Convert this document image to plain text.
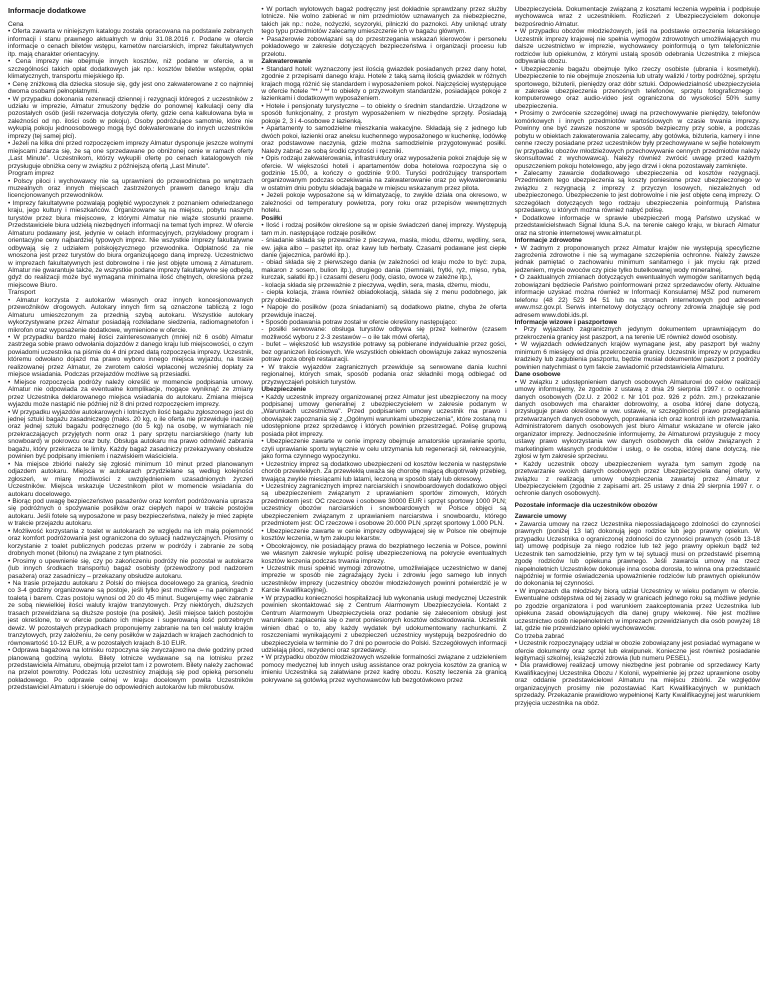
Informacje dodatkowe

Cena

• Oferta zawarta w niniejszym katalogu została opracowana na podstawie zebranych informacji i stanu prawnego aktualnych w dniu 31.08.2016 r. Podane w ofercie informacje o cenach biletów wstępu, karnetów narciarskich, imprez fakultatywnych itp. mają charakter orientacyjny.

• Cena imprezy nie obejmuje innych kosztów, niż podane w ofercie, a w szczególności takich opłat dodatkowych jak np.: kosztów biletów wstępów, opłat klimatycznych, transportu miejskiego itp.

• Cenę zniżkową dla dziecka stosuje się, gdy jest ono zakwaterowane z co najmniej dwoma osobami pełnopłatnymi.

• W przypadku dokonania rezerwacji dziennej i rezygnacji któregoś z uczestników z udziału w imprezie, Almatur zmuszony będzie do ponownej kalkulacji ceny dla pozostałych osób (jeśli rezerwacja dotyczyła oferty, gdzie cena kalkulowana była w zależności od np. ilości osób w pokoju). Osoby podróżujące samotnie, które nie wykupią pokoju jednoosobowego mogą być dokwaterowane do innych uczestników imprezy (tej samej płci).

• Jeżeli na kilka dni przed rozpoczęciem imprezy Almatur dysponuje jeszcze wolnymi miejscami zdarza się, że są one sprzedawane po obniżonej cenie w ramach oferty „Last Minute". Uczestnikom, którzy wykupili ofertę po cenach katalogowych nie przysługuje obniżka ceny w związku z późniejszą ofertą „Last Minute".

Program imprez

• Polscy piloci i wychowawcy nie są uprawnieni do przewodnictwa po wnętrzach muzealnych oraz innych miejscach zastrzeżonych prawem danego kraju dla licencjonowanych przewodników.

• Imprezy fakultatywne pozwalają pogłębić wypoczynek z poznaniem odwiedzanego kraju, jego kultury i mieszkańców. Organizowane są na miejscu, pobytu naszych turystów przez biura miejscowe, z którymi Almatur nie wiąże stosunki prawne. Przedstawiciele biura udzielą niezbędnych informacji na temat tych imprez. W ofercie Almaturu podawany jest, jedynie w celach informacyjnych, przykładowy program i orientacyjne ceny najbardziej typowych imprez. Nie wszystkie imprezy fakultatywne odbywają się z udziałem polskojęzycznego przewodnika. Odpłatność za nie wnoszona jest przez turystów do biura organizującego daną imprezę. Uczestnictwo w imprezach fakultatywnych jest dobrowolne i nie jest objęte umową z Almaturem. Almatur nie gwarantuje także, że wszystkie podane imprezy fakultatywne się odbędą, gdyż do realizacji może być wymagana minimalna ilość chętnych, określona przez miejscowe Biuro.

Transport

• Almatur korzysta z autokarów własnych oraz innych koncesjonowanych przewoźników drogowych. Autokary innych firm są oznaczone tabliczą z logo Almaturu umieszczonym za przednią szybą autokaru. Wszystkie autokary wykorzystywane przez Almatur posiadają rozkładane siedzenia, radiomagnetofon i mikrofon oraz wyposażenie dodatkowe, wymienione w ofercie.

• W przypadku bardzo małej ilości zainteresowanych (mniej niż 6 osób) Almatur zastrzega sobie prawo odwołania dojazdów z danego kraju lub miejscowości, o czym powiadomi uczestnika na piśmie do 4 dni przed datą rozpoczęcia imprezy. Uczestnik, któremu odwołano dojazd ma prawo wyboru innego miejsca wyjazdu, na trasie realizowanej przez Almatur, ze zwrotem całości wpłaconej wcześniej dopłaty za miejsce wsiadania. Podczas przejazdów możliwe są przesiadki.

• Miejsce rozpoczęcia podróży należy określić w momencie podpisania umowy. Almatur nie odpowiada za eventualne komplikacje, mogące wyniknąć ze zmiany przez Uczestnika deklarowanego miejsca wsiadania do autokaru. Zmiana miejsca wyjazdu może nastąpić nie później niż 8 dni przed rozpoczęciem imprezy.

• W przypadku wyjazdów autokarowych i lotniczych ilość bagażu zgłoszonego jest do jednej sztuki bagażu zasadniczego (maks. 20 kg, o ile oferta nie przewiduje inaczej) oraz jednej sztuki bagażu podręcznego (do 5 kg) na osobę, w wymiarach nie przekraczających przyjętych norm oraz 1 pary sprzętu narciarskiego (narty lub snowboard) w pokrowcu oraz buty. Obsługa autokaru ma prawo odmówić zabrania bagażu, który przekracza te limity. Każdy bagaż zasadniczy przekazywany obsłudze powinien być podpisany imieniem i nazwiskiem właściciela.

• Na miejsce zbiórki należy się zgłosić minimum 10 minut przed planowanym odjazdem autokaru. Miejsca w autokarach przydzielane są według kolejności zgłoszeń, w miarę możliwości z uwzględnieniem uzasadnionych życzeń Uczestników. Miejsca wskazuje Uczestnikom pilot w momencie wsiadania do autokaru docelowego.

• Biorąc pod uwagę bezpieczeństwo pasażerów oraz komfort podróżowania uprasza się podróżnych o spożywanie posiłków oraz ciepłych napoi w trakcie postojów autokaru. Jeśli fotele są wyposażone w pasy bezpieczeństwa, należy je mieć zapięte w trakcie przejazdu autokaru.

• Możliwość korzystania z toalet w autokarach ze względu na ich małą pojemność oraz komfort podróżowania jest ograniczona do sytuacji nadzwyczajnych. Prosimy o korzystanie z toalet publicznych podczas przerw w podróży i zabranie ze sobą drobnych monet (bilonu) na związane z tym płatności.

• Prosimy o upewnienie się, czy po zakończeniu podróży nie pozostał w autokarze (lub innych środkach transportu) bagaż osobisty (przewodzony pod nadzorem pasażera) oraz zasadniczy – przekazany obsłudze autokaru.

• Na trasie przejazdu autokaru z Polski do miejsca docelowego za granicą, średnio co 3-4 godziny organizowane są postoje, jeśli tylko jest możliwe – na parkingach z toaletą i barem. Czas postoju wynosi od 20 do 45 minut. Sugerujemy więc zabranie ze sobą niewielkiej ilości waluty krajów tranzytowych. Przy niektórych, dłuższych trasach przewidziana są dłuższe postoje (na posiłek). Jeśli miejsce takich postojów jest określone, to w ofercie podano ich miejsce i sugerowaną ilość potrzebnych dewiz. W pozostałych przypadkach proponujemy zabranie na ten cel waluty krajów tranzytowych, przy założeniu, że ceny posiłków w zajazdach w krajach zachodnich to równowartość 10-12 EUR, a w pozostałych krajach 8-10 EUR.

• Odprawa bagażowa na lotnisku rozpoczyna się zwyczajowo na dwie godziny przed planowaną godziną wylotu. Bilety lotnicze wydawane są na lotnisku przez przedstawiciela Almaturu, obejmują przelot tam i z powrotem. Bilety należy zachować na przelot powrotny. Podczas lotu uczestnicy znajdują się pod opieką personelu pokładowego. Po odprawie celnej w kraju docelowym powita Uczestników przedstawiciel Almaturu i skieruje do odpowiednich autokarów lub mikrobusów.

• W portach wylotowych bagaż podręczny jest dokładnie sprawdzany przez służby lotnicze. Nie wolno zabierać w nim przedmiotów uznawanych za niebezpieczne, takich jak np.: noże, nożyczki, scyzoryki, pilniczki do paznokci. Aby uniknąć utraty tego typu przedmiotów zalecamy umieszczenie ich w bagażu głównym.

• Pasażerowie zobowiązani są do przestrzegania wskazań kierowców i personelu pokładowego w zakresie dotyczących bezpieczeństwa i organizacji procesu lub przelotu.

Zakwaterowanie

• Standard hoteli: wyznaczony jest ilością gwiazdek posiadanych przez dany hotel, zgodnie z przepisami danego kraju. Hotele z taką samą ilością gwiazdek w różnych krajach mogą różnić się standardem i wyposażeniem pokoi. Najczęściej występujące w ofercie hotele "** / ** to obiekty o przyzwoitym standardzie, posiadające pokoje z łazienkami i dodatkowym wyposażeniem.

• Hotele i pensjonaty turystyczne – to obiekty o średnim standardzie. Urządzone w sposób funkcjonalny, z prostym wyposażeniem w niezbędne sprzęty. Posiadają pokoje 2, 3 i 4-osobowe z łazienką.

• Apartamenty to samodzielne mieszkania wakacyjne. Składają się z jednego lub dwóch pokoi, łazienki oraz aneksu kuchennego wyposażonego w kuchenkę, lodówkę oraz podstawowe naczynia, gdzie można samodzielnie przygotowywać posiłki. Należy zabrać ze sobą środki czystości i ręczniki.

• Opis rodzaju zakwaterowania, infrastruktury oraz wyposażenia pokoi znajduje się w ofercie. W większości hoteli i apartamentów doba hotelowa rozpoczyna się o godzinie 15.00, a kończy o godzinie 9:00. Turyści podróżujący transportem organizowanym podczas oczekiwania na zakwaterowanie oraz po wykwaterowaniu w ostatnim dniu pobytu składają bagaże w miejscu wskazanym przez pilota.

• Jeżeli pokoje wyposażone są w klimatyzację, to zwykle działa ona okresowo, w zależności od temperatury powietrza, pory roku oraz przepisów wewnętrznych hotelu.

Posiłki

• Ilość i rodzaj posiłków określone są w opisie świadczeń danej imprezy. Występują tam m.in. następujące rodzaje posiłków:

- śniadanie składa się przeważnie z pieczywa, masła, miodu, dżemu, wędliny, sera, ew. jajka albo – pasztet itp. oraz kawy lub herbaty. Czasami podawane jest ciepłe danie (jajecznica, parówki itp.).

- obiad składa się z pierwszego dania (w zależności od kraju może to być: zupa, makaron z sosem, bulion itp.), drugiego dania (ziemniaki, frytki, ryż, mięso, ryba, kurczak, sałatki itp.) i czasami deseru (lody, ciasto, owoce w zależne itp.),

- kolacja składa się przeważnie z pieczywa, wędlin, sera, masła, dżemu, miodu,

- ciepła kolacja, zrawa również obiadokolacją, składa się z menu podobnego, jak przy obiedzie.

• Napoje do posiłków (poza śniadaniami) są dodatkowo płatne, chyba że oferta przewiduje inaczej.

• Sposób podawania potraw został w ofercie określony następująco:

- posiłki serwowane: obsługa turystów odbywa się przez kelnerów (czasem możliwość wyboru z 2-3 zestawów – o ile tak mówi oferta),

- bufet – większość lub wszystkie potrawy są pobierane indywidualnie przez gości, bez ograniczeń ilościowych. We wszystkich obiektach obowiązuje zakaz wynoszenia potraw poza obręb restauracji.

• W trakcie wyjazdów zagranicznych przewiduje są serwowane dania kuchni regionalnej, których smak, sposób podania oraz składniki mogą odbiegać od przyzwyczajeń polskich turystów.

Ubezpieczenie

• Każdy uczestnik imprezy organizowanej przez Almatur jest ubezpieczony na mocy podpisanej umowy generalnej z ubezpieczycielem w zakresie podanym w „Warunkach uczestnictwa". Przed podpisaniem umowy uczestnik ma prawo i obowiązek zapoznania się z „Ogólnymi warunkami ubezpieczenia", które zostaną mu udostępnione przez sprzedawcę i których powinien przestrzegać. Polisę grupową posiada pilot imprezy.

• Ubezpieczenie zawarte w cenie imprezy obejmuje amatorskie uprawianie sportu, czyli uprawianie sportu wyłącznie w celu utrzymania lub regeneracji sił, rekreacyjnie, jako forma czynnego wypoczynku.

• Uczestnicy imprez są dodatkowo ubezpieczeni od kosztów leczenia w następstwie chorób przewlekłych. Za przewlekłą uważa się chorobę mającą długotrwały przebieg, trwającą zwykle miesiącami lub latami, leczoną w sposób stały lub okresowy.

• Uczestnicy zagranicznych imprez narciarskich i snowboardowych dodatkowo objęci są ubezpieczeniem związanym z uprawianiem sportów zimowych, których przedmiotem jest: OC rzeczowe i osobowe 30000 EUR i sprzęt sportowy 1000 PLN; uczestnicy obozów narciarskich i snowboardowych w Polsce objęci są ubezpieczeniem związanym z uprawianiem narciarstwa i snowboardu, którego przedmiotem jest: OC rzeczowe i osobowe 20.000 PLN ,sprzęt sportowy 1.000 PLN.

• Ubezpieczenie zawarte w cenie imprezy odbywającej się w Polsce nie obejmuje kosztów leczenia, w tym zakupu lekarstw.

• Obcokrajowcy, nie posiadający prawa do bezpłatnego leczenia w Polsce, powinni we własnym zakresie wykupić polisę ubezpieczeniową na pokrycie eventualnych kosztów leczenia podczas trwania imprezy.

• Uczestnik musi spełnić wymogi zdrowotne, umożliwiające uczestnictwo w danej imprezie w sposób nie zagrażający życiu i zdrowiu jego samego lub innych uczestników imprezy (uczestnicy obozów młodzieżowych powinni potwierdzić je w Karcie Kwalifikacyjnej).

• W przypadku konieczności hospitalizacji lub wykonania usługi medycznej Uczestnik powinien skontaktować się z Centrum Alarmowym Ubezpieczyciela. Kontakt z Centrum Alarmowym Ubezpieczyciela oraz podanie się zaleceniom obsługi jest warunkiem zapłacenia się o zwrot poniesionych kosztów odszkodowania. Uczestnik winien dbać o to, aby każdy wydatek był udokumentowany rachunkami. Z roszczeniami wynikającymi z ubezpieczeń uczestnicy występują bezpośrednio do ubezpieczyciela w terminie do 7 dni po powrocie do Polski. Szczegółowych informacji udzielają piloci, rezydenci oraz sprzedawcy.

• W przypadku obozów młodzieżowych wszelkie formalności związane z udzieleniem pomocy medycznej lub innych usług assistance oraz pokrycia kosztów za granicą w imieniu Uczestnika są załatwiane przez kadrę obozu. Koszty leczenia za granicą pokrywane są gotówką przez wychowawców lub bezgotówkowo przez

Ubezpieczyciela. Dokumentacje związaną z kosztami leczenia wypełnia i podpisuje wychowawca wraz z uczestnikiem. Rozliczeń z Ubezpieczycielem dokonuje bezpośrednio Almatur.

• W przypadku obozów młodzieżowych, jeśli na podstawie orzeczenia lekarskiego Uczestnik imprezy krajowej nie spełnia wymogów zdrowotnych umożliwiających mu dalsze uczestnictwo w imprezie, wychowawcy poinformują o tym telefonicznie rodziców lub opiekunów, z którymi ustalą sposób odebrania Uczestnika z miejsca odbywania obozu.

• Ubezpieczenie bagażu obejmuje tylko rzeczy osobiste (ubrania i kosmetyki). Ubezpieczenie to nie obejmuje znoszenia lub utraty walizki / torby podróżnej, sprzętu sportowego, biżuterii, pieniędzy oraz dóbr sztuki. Odpowiedzialność ubezpieczyciela w zakresie ubezpieczenia przenośnych telefonów, sprzętu fotograficznego i komputerowego oraz audio-video jest ograniczona do wysokości 50% sumy ubezpieczenia.

• Prosimy o zwrócenie szczególnej uwagi na przechowywanie pieniędzy, telefonów komórkowych i innych przedmiotów wartościowych w czasie trwania imprezy. Powinny one być zawsze noszone w sposób bezpieczny przy sobie, a podczas pobytu w obiektach zakwaterowania zalecamy, aby gotówka, biżuteria, kamery i inne cenne rzeczy posiadane przez uczestników były przechowywane w sejfie hotelowym (w przypadku obozów młodzieżowych przechowywanie cennych przedmiotów należy skonsultować z wychowawcą). Należy również zwrócić uwagę przed każdym opuszczeniem pokoju hotelowego, aby jego drzwi i okna pozostawały zamknięte.

• Zalecamy zawarcie dodatkowego ubezpieczenia od kosztów rezygnacji. Przedmiotem tego ubezpieczenia są koszty poniesione przez ubezpieczonego w związku z rezygnacją z imprezy z przyczyn losowych, niezależnych od ubezpieczonego. Ubezpieczenie to jest dobrowolne i nie jest objęte ceną imprezy. O szczegółach dotyczących tego rodzaju ubezpieczenia poinformują Państwa sprzedawcy, u których można również nabyć polisę.

• Dodatkowe informacje w sprawie ubezpieczeń mogą Państwo uzyskać w przedstawicielstwach Signal Iduna S.A. na terenie całego kraju, w biurach Almatur oraz na stronie internetowej www.almatur.pl.

Informacje zdrowotne

• W żadnym z proponowanych przez Almatur krajów nie występują specyficzne zagrożenia zdrowotne i nie są wymagane szczepienia ochronne. Należy zawsze jednak pamiętać o zachowaniu minimum sanitarnego i jak myciu rąk przed jedzeniem, mycie owoców czy picie tylko butelkowanej wody mineralnej.

• O zaaktualnych zmianach dotyczących ewentualnych wymogów sanitarnych będą zobowiązani będziecie Państwo poinformowani przez sprzedawców oferty. Aktualne informacje uzyskać można również w Informacji Konsularnej MSZ pod numerem telefonu (48 22) 523 94 51 lub na stronach internetowych pod adresem www.msz.gov.pl. Serwis internetowy dotyczący ochrony zdrowia znajduje się pod adresem www.dobi.ids.pl.

Informacje wizowe i paszportowe

• Przy wyjazdach zagranicznych jedynym dokumentem uprawniającym do przekroczenia granicy jest paszport, a na terenie UE również dowód osobisty.

• W wyjazdach odwiedzanych krajów wymagane jest, aby paszport był ważny minimum 6 miesięcy od dnia przekroczenia granicy. Uczestnik imprezy w przypadku kradzieży lub zagubienia paszportu, będzie musiał dokumentów paszport z podróży powinien natychmiast o tym fakcie zawiadomić przedstawiciela Almaturu.

Dane osobowe

• W związku z udostępnieniem danych osobowych Almaturowi do celów realizacji umowy informujemy, że zgodnie z ustawą z dnia 29 sierpnia 1997 r. o ochronie danych osobowych (Dz.U. z 2002 r. Nr 101 poz. 926 z późn. zm.) przekazanie danych osobowych ma charakter dobrowolny, a osoba której dane dotyczą, przysługuje prawo określone w ww. ustawie, w szczególności prawo przeglądania przetwarzanych danych osobowych, poprawiania ich oraz kontroli ich przetwarzania. Administratorem danych osobowych jest biuro Almatur wskazane w ofercie jako organizator imprezy. Jednocześnie informujemy, że Almaturowi przysługuje z mocy ustawy prawo wykorzystania ww danych osobowych dla celów związanych z marketingiem własnych produktów i usług, o ile osoba, której dane dotyczą, nie zgłosi w tym zakresie sprzeciwu.

• Każdy uczestnik obozy ubezpieczeniem wyraża tym samym zgodę na przetwarzanie swoich danych osobowych przez Ubezpieczyciela danej oferty, w związku z realizacją umowy ubezpieczenia zawartej przez Almatur z Ubezpieczycielem (zgodnie z zapisami art. 25 ustawy z dnia 29 sierpnia 1997 r. o ochronie danych osobowych).

Pozostałe informacje dla uczestników obozów
Zawarcie umowy

• Zawarcia umowy na rzecz Uczestnika niepossiadającego zdolności do czynności prawnych (poniżej 13 lat) dokonują jego rodzice lub jego prawny opiekun. W przypadku Uczestnika o ograniczonej zdolności do czynności prawnych (osób 13-18 lat) umowę podpisuje za niego rodzice lub też jego prawny opiekun bądź też Uczestnik ten samodzielnie, przy tym w tej sytuacji musi on przedstawić pisemną zgodę rodziców lub opiekuna prawnego. Jeśli zawarcia umowy na rzecz niepełnoletnich Uczestników dokonuje inna osoba dorosła, to winna ona przedstawić najpóźniej w formie oświadczenia upoważnienie rodziców lub prawnych opiekunów do dokonania tej czynności.

• W imprezach dla młodzieży biorą udział Uczestnicy w wieku podanym w ofercie. Ewentualne odstępstwa od tej zasady w granicach jednego roku są możliwe jedynie po zgodzie organizatora i pod warunkiem zaakceptowania przez Uczestnika lub opiekuna zasad obowiązujących dla danej grupy wiekowej. Nie jest możliwe uczestnictwo osób niepełnoletnich w imprezach przewidzianych dla osób powyżej 18 lat, gdzie nie przewidziano opieki wychowawców.

Co trzeba zabrać

• Uczestnik rozpoczynający udział w obozie zobowiązany jest posiadać wymagane w ofercie dokumenty oraz sprzęt lub ekwipunek. Konieczne jest również posiadanie legitymacji szkolnej, książeczki zdrowia (lub numeru PESEL).

• Dla prawidłowej realizacji umowy niezbędne jest pobranie od sprzedawcy Karty Kwalifikacyjnej Uczestnika Obozu / Kolonii, wypełnienie jej przez uprawnione osoby oraz oddanie przedstawicielowi Almaturu na miejscu zbiórki. Ze względów organizacyjnych prosimy nie pozostawiać Kart Kwalifikacyjnych w punktach sprzedaży. Przekazanie prawidłowo wypełnionej Karty Kwalifikacyjnej jest warunkiem przyjęcia uczestnika na obóz.
